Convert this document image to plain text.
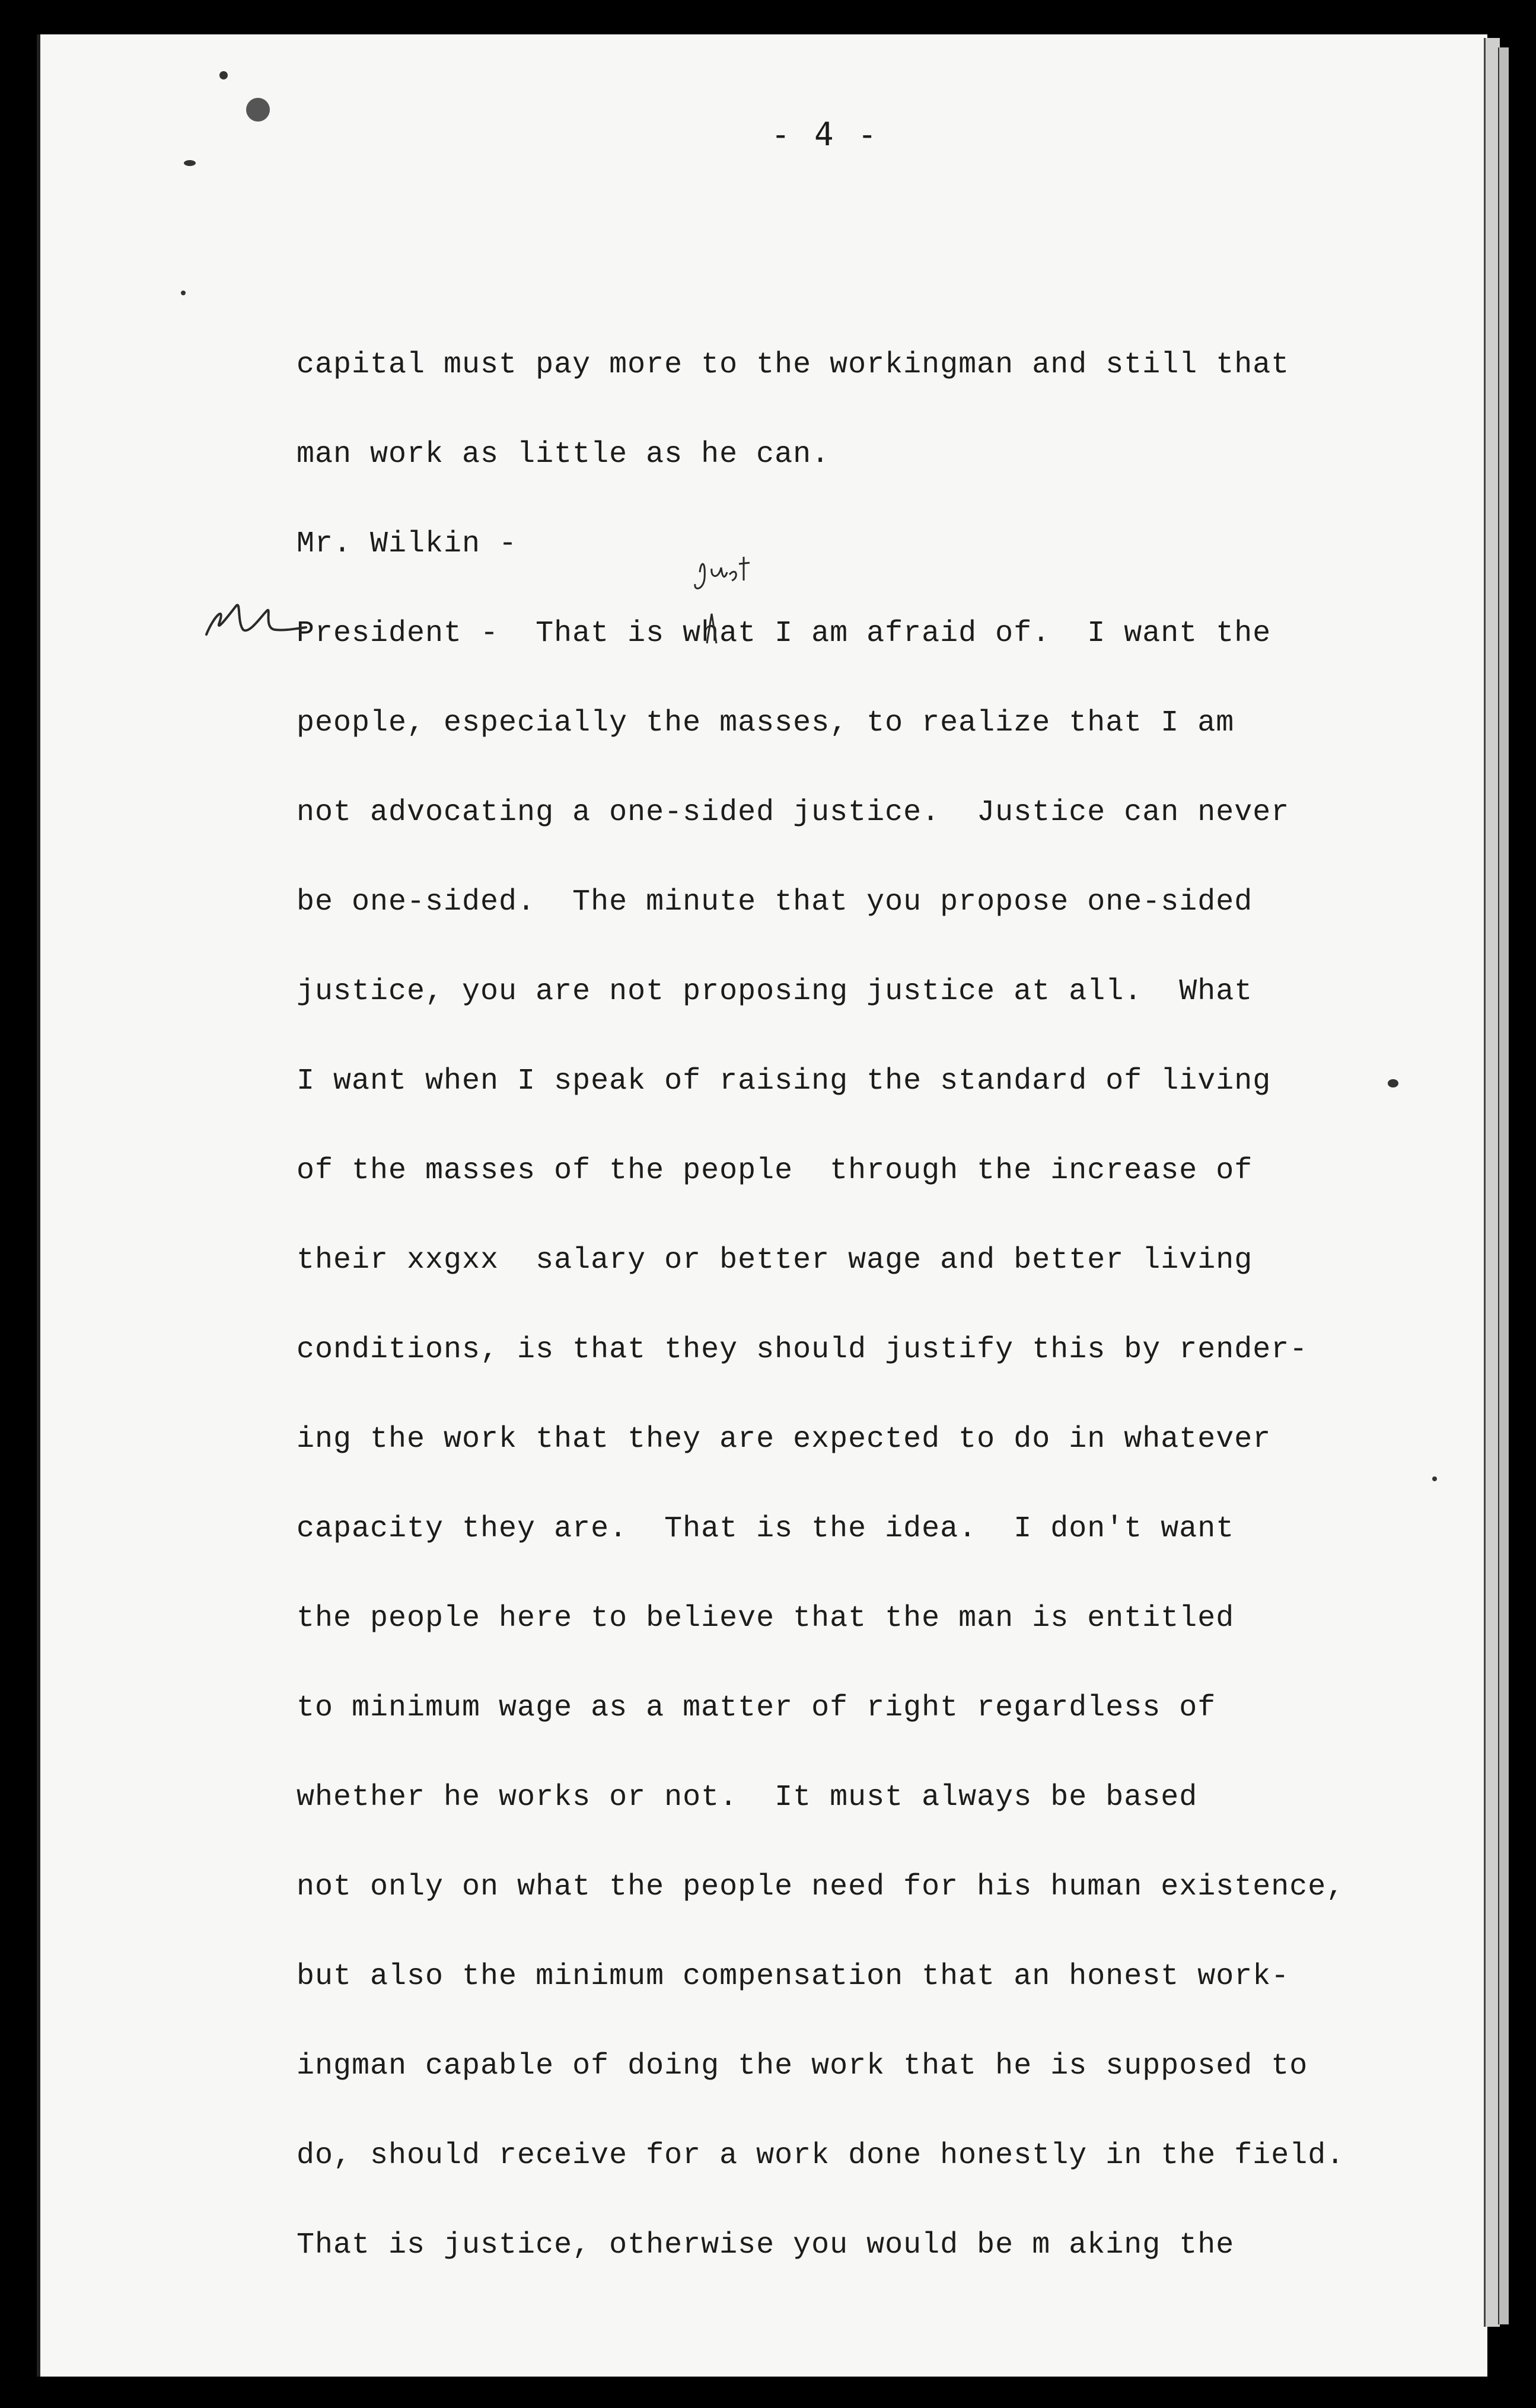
- 4 -
capital must pay more to the workingman and still that
man work as little as he can.
Mr. Wilkin -
President -  That is what I am afraid of.  I want the
people, especially the masses, to realize that I am
not advocating a one-sided justice.  Justice can never
be one-sided.  The minute that you propose one-sided
justice, you are not proposing justice at all.  What
I want when I speak of raising the standard of living
of the masses of the people  through the increase of
their xxgxx  salary or better wage and better living
conditions, is that they should justify this by render-
ing the work that they are expected to do in whatever
capacity they are.  That is the idea.  I don't want
the people here to believe that the man is entitled
to minimum wage as a matter of right regardless of
whether he works or not.  It must always be based
not only on what the people need for his human existence,
but also the minimum compensation that an honest work-
ingman capable of doing the work that he is supposed to
do, should receive for a work done honestly in the field.
That is justice, otherwise you would be m aking the
